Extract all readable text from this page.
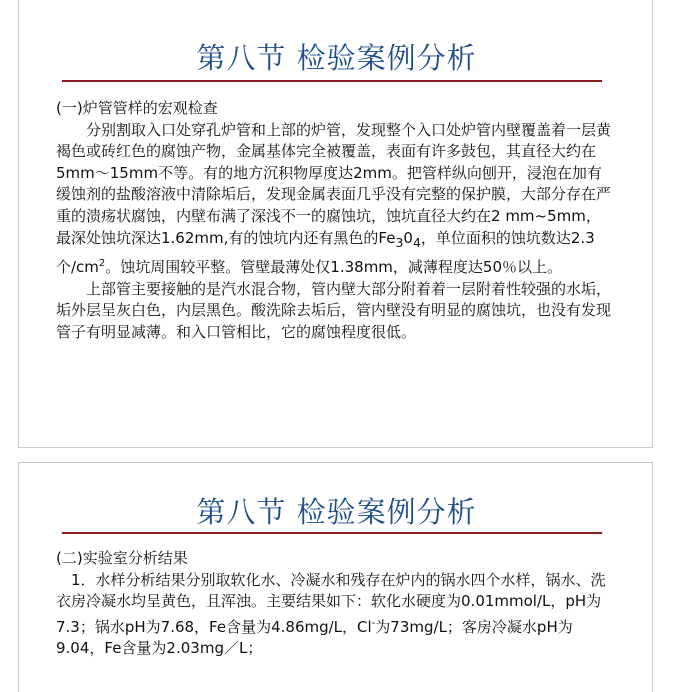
第八节 检验案例分析
(一)炉管管样的宏观检查

分别割取入口处穿孔炉管和上部的炉管，发现整个入口处炉管内壁覆盖着一层黄褐色或砖红色的腐蚀产物，金属基体完全被覆盖，表面有许多鼓包，其直径大约在5mm～15mm不等。有的地方沉积物厚度达2mm。把管样纵向刨开，浸泡在加有缓蚀剂的盐酸溶液中清除垢后，发现金属表面几乎没有完整的保护膜，大部分存在严重的溃疡状腐蚀，内壁布满了深浅不一的腐蚀坑，蚀坑直径大约在2 mm~5mm，最深处蚀坑深达1.62mm,有的蚀坑内还有黑色的$Fe_30_4$，单位面积的蚀坑数达2.3个$/cm^2$。蚀坑周围较平整。管壁最薄处仅1.38mm，减薄程度达50％以上。

上部管主要接触的是汽水混合物，管内壁大部分附着着一层附着性较强的水垢，垢外层呈灰白色，内层黑色。酸洗除去垢后，管内壁没有明显的腐蚀坑，也没有发现管子有明显减薄。和入口管相比，它的腐蚀程度很低。

第八节 检验案例分析
(二)实验室分析结果

1．水样分析结果分别取软化水、冷凝水和残存在炉内的锅水四个水样，锅水、洗衣房冷凝水均呈黄色，且浑浊。主要结果如下：软化水硬度为0.01mmol/L，pH为7.3；锅水pH为7.68，Fe含量为4.86mg/L，Cl-为73mg/L；客房冷凝水pH为9.04，Fe含量为2.03mg／L；
